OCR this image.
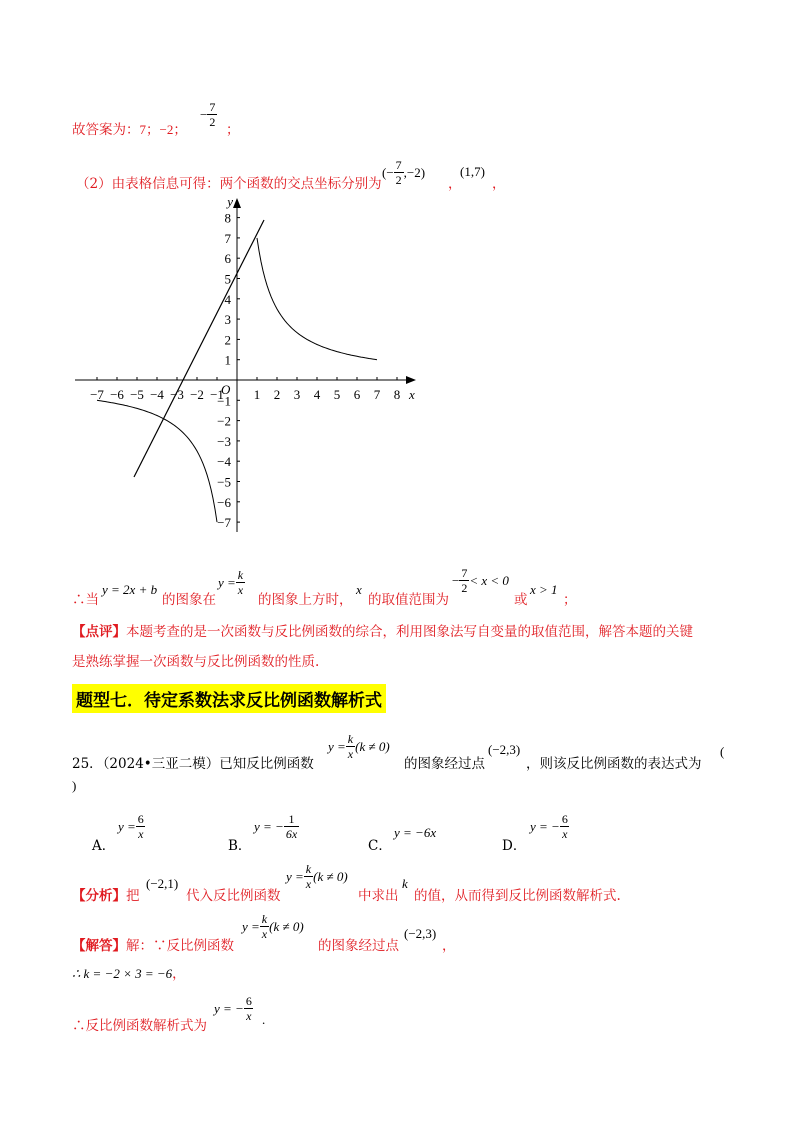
故答案为：7；−2；
− $\frac{7}{2}$
；
（2）由表格信息可得：两个函数的交点坐标分别为
(− $\frac{7}{2} ,-2$)
，
(1,7)
，
y
x
O
−7 −6 −5 −4 −3 −2 −1 1 2 3 4 5 6 7 8
8
7
6
5
4
3
2
1
−1
−2
−3
−4
−5
−6
−7
∴当
y = 2x + b
的图象在
$y = \frac{k}{x}$
的图象上方时，
x
的取值范围为
− $\frac{7}{2} < x < 0$
或
x > 1
；
【点评】本题考查的是一次函数与反比例函数的综合，利用图象法写自变量的取值范围，解答本题的关键
是熟练掌握一次函数与反比例函数的性质.
题型七．待定系数法求反比例函数解析式
25．（2024•三亚二模）已知反比例函数
$y = \frac{k}{x} (k \ne 0)$
的图象经过点
(−2,3)
，则该反比例函数的表达式为
(
)
A．
$y = \frac{6}{x}$
B．
y = − $\frac{1}{6x}$
C．
y = −6x
D．
y = − $\frac{6}{x}$
【分析】把
(−2,1)
代入反比例函数
$y = \frac{k}{x} (k \ne 0)$
中求出
k
的值，从而得到反比例函数解析式.
【解答】解：∵反比例函数
$y = \frac{k}{x} (k \ne 0)$
的图象经过点
(−2,3)
，
∴ k = −2 × 3 = −6，
∴反比例函数解析式为
y = − $\frac{6}{x}$ .
